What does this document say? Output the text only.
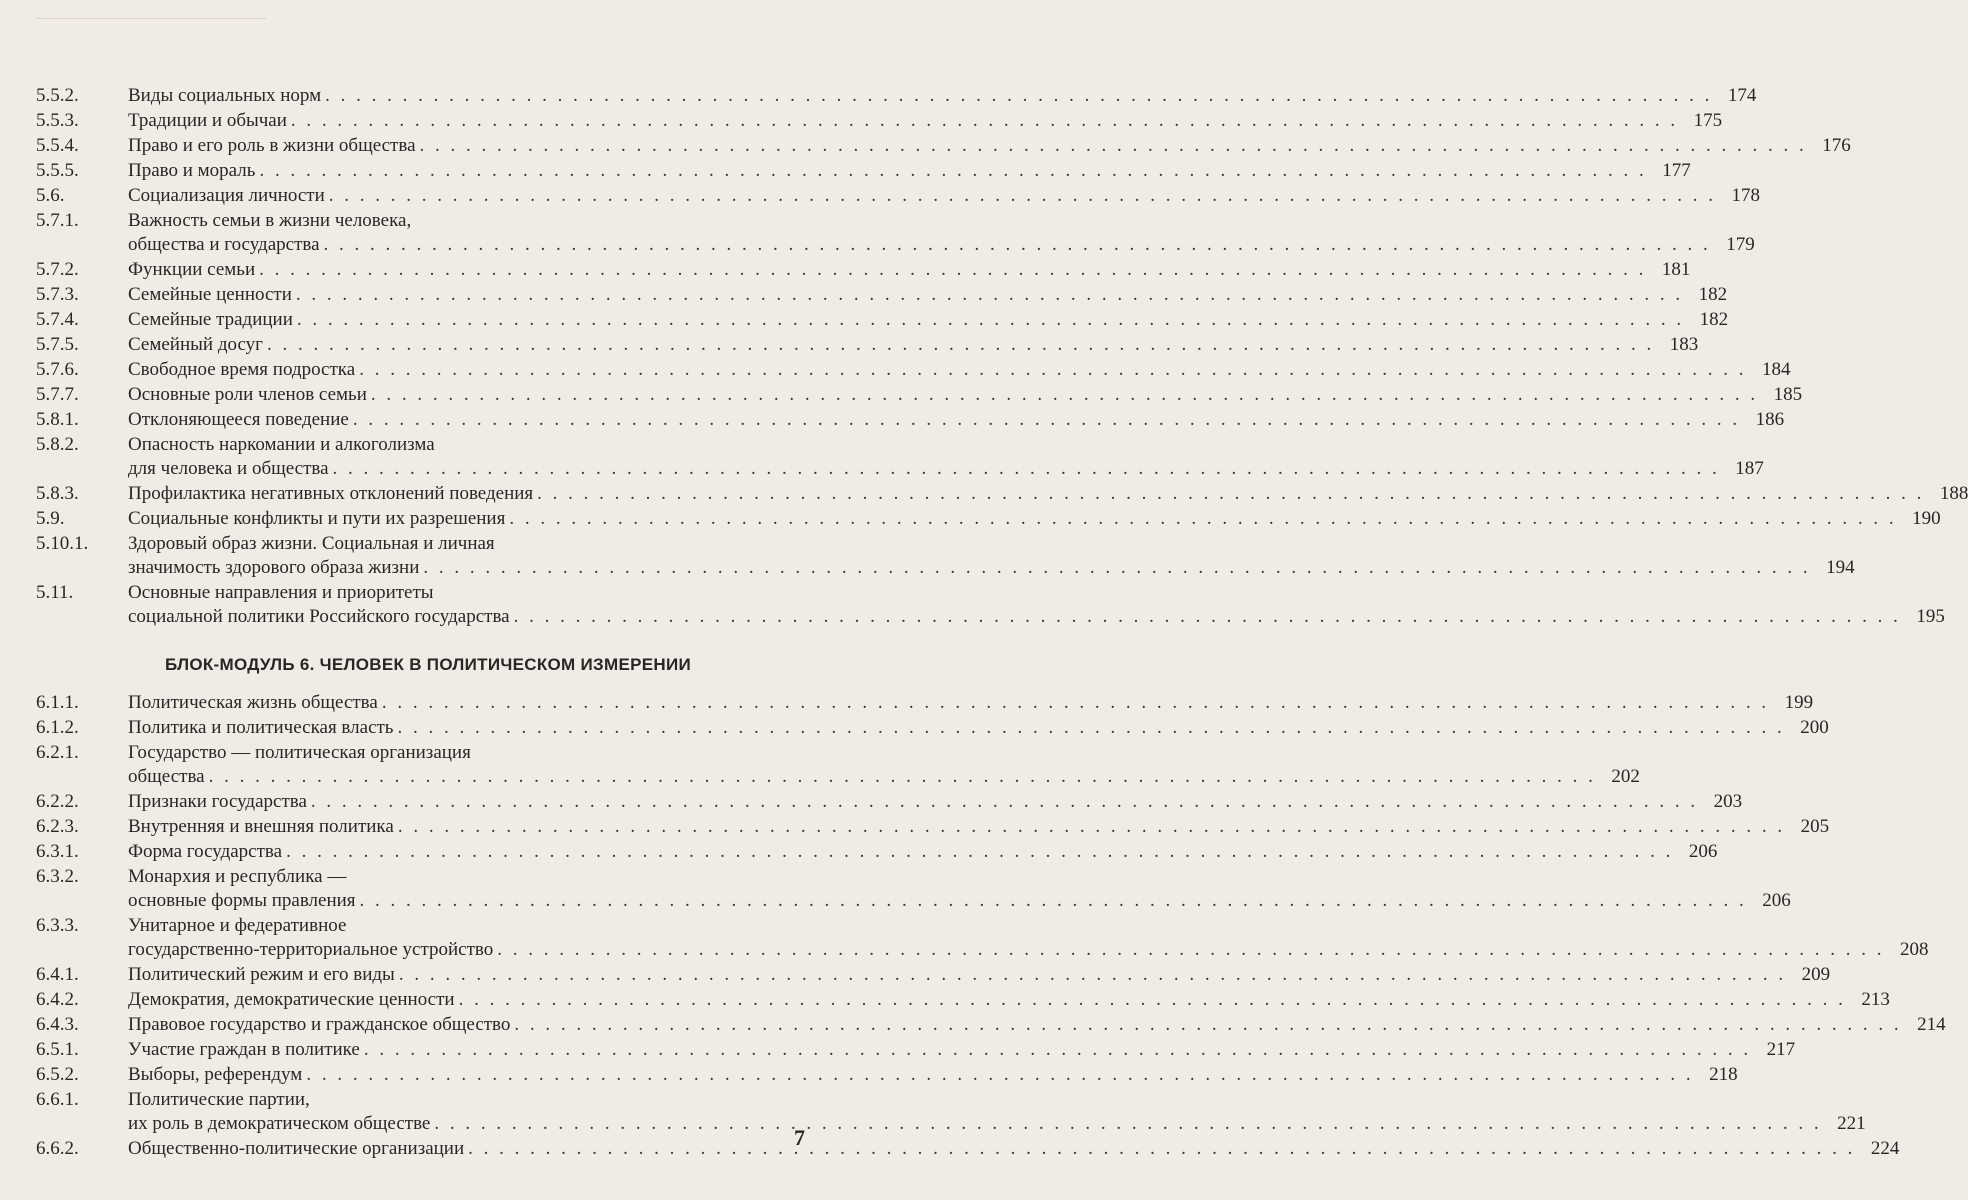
5.5.2.	Виды социальных норм . . .	174
5.5.3.	Традиции и обычаи . . .	175
5.5.4.	Право и его роль в жизни общества . . .	176
5.5.5.	Право и мораль . . .	177
5.6.	Социализация личности . . .	178
5.7.1.	Важность семьи в жизни человека,
общества и государства . . .	179
5.7.2.	Функции семьи . . .	181
5.7.3.	Семейные ценности . . .	182
5.7.4.	Семейные традиции . . .	182
5.7.5.	Семейный досуг . . .	183
5.7.6.	Свободное время подростка . . .	184
5.7.7.	Основные роли членов семьи . . .	185
5.8.1.	Отклоняющееся поведение . . .	186
5.8.2.	Опасность наркомании и алкоголизма
для человека и общества . . .	187
5.8.3.	Профилактика негативных отклонений поведения . . .	188
5.9.	Социальные конфликты и пути их разрешения . . .	190
5.10.1.	Здоровый образ жизни. Социальная и личная
значимость здорового образа жизни . . .	194
5.11.	Основные направления и приоритеты
социальной политики Российского государства . . .	195
БЛОК-МОДУЛЬ 6. ЧЕЛОВЕК В ПОЛИТИЧЕСКОМ ИЗМЕРЕНИИ
6.1.1.	Политическая жизнь общества . . .	199
6.1.2.	Политика и политическая власть . . .	200
6.2.1.	Государство — политическая организация
общества . . .	202
6.2.2.	Признаки государства . . .	203
6.2.3.	Внутренняя и внешняя политика . . .	205
6.3.1.	Форма государства . . .	206
6.3.2.	Монархия и республика —
основные формы правления . . .	206
6.3.3.	Унитарное и федеративное
государственно-территориальное устройство . . .	208
6.4.1.	Политический режим и его виды . . .	209
6.4.2.	Демократия, демократические ценности . . .	213
6.4.3.	Правовое государство и гражданское общество . . .	214
6.5.1.	Участие граждан в политике . . .	217
6.5.2.	Выборы, референдум . . .	218
6.6.1.	Политические партии,
их роль в демократическом обществе . . .	221
6.6.2.	Общественно-политические организации . . .	224
7
